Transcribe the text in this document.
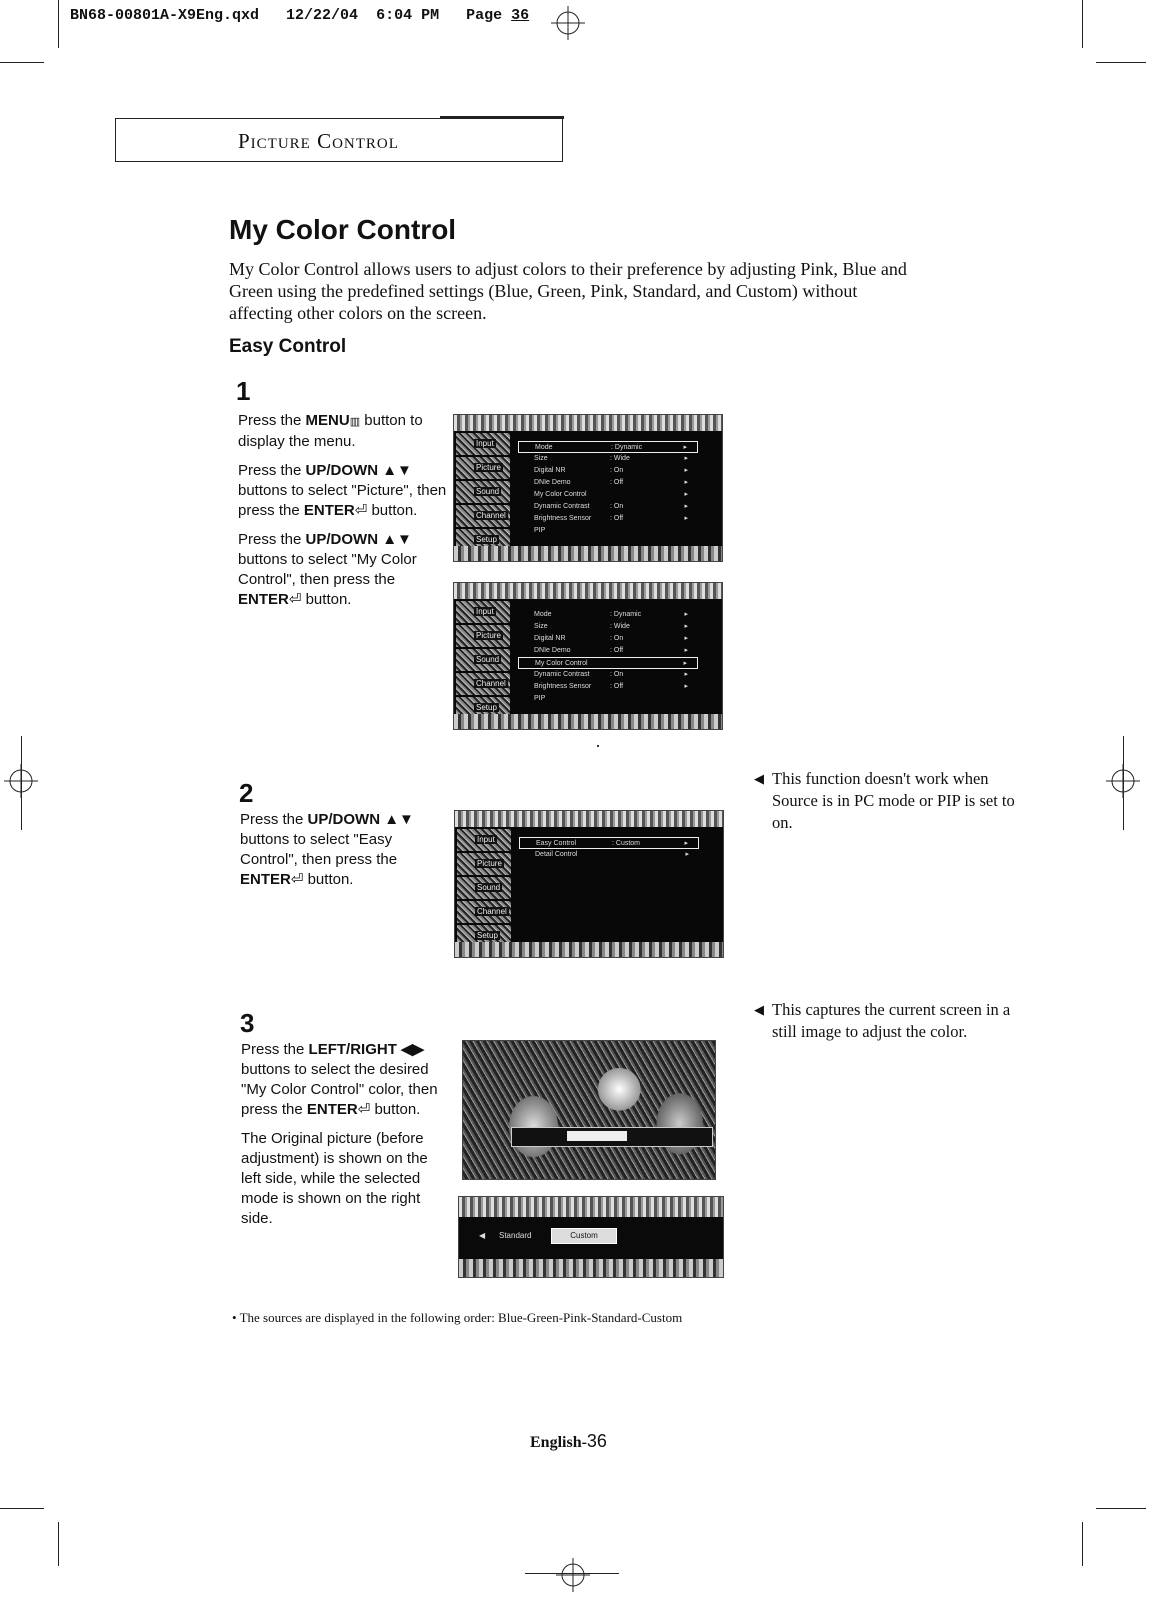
BN68-00801A-X9Eng.qxd 12/22/04 6:04 PM Page 36
Picture Control
My Color Control
My Color Control allows users to adjust colors to their preference by adjusting Pink, Blue and Green using the predefined settings (Blue, Green, Pink, Standard, and Custom) without affecting other colors on the screen.
Easy Control
1

Press the MENU▥ button to display the menu.

Press the UP/DOWN ▲▼ buttons to select "Picture", then press the ENTER⏎ button.

Press the UP/DOWN ▲▼ buttons to select "My Color Control", then press the ENTER⏎ button.

Input
Picture
Sound
Channel
Setup
Mode	: Dynamic	▸
Size	: Wide	▸
Digital NR	: On	▸
DNIe Demo	: Off	▸
My Color Control	▸
Dynamic Contrast	: On	▸
Brightness Sensor	: Off	▸
PIP
Input
Picture
Sound
Channel
Setup
Mode	: Dynamic	▸
Size	: Wide	▸
Digital NR	: On	▸
DNIe Demo	: Off	▸
My Color Control	▸
Dynamic Contrast	: On	▸
Brightness Sensor	: Off	▸
PIP
2

Press the UP/DOWN ▲▼ buttons to select "Easy Control", then press the ENTER⏎ button.

Input
Picture
Sound
Channel
Setup
Easy Control	: Custom	▸
Detail Control	▸
◀ This function doesn't work when Source is in PC mode or PIP is set to on.
3

Press the LEFT/RIGHT ◀▶ buttons to select the desired "My Color Control" color, then press the ENTER⏎ button.

The Original picture (before adjustment) is shown on the left side, while the selected mode is shown on the right side.

◀ Standard	Custom
◀ This captures the current screen in a still image to adjust the color.
• The sources are displayed in the following order: Blue-Green-Pink-Standard-Custom
English-36
